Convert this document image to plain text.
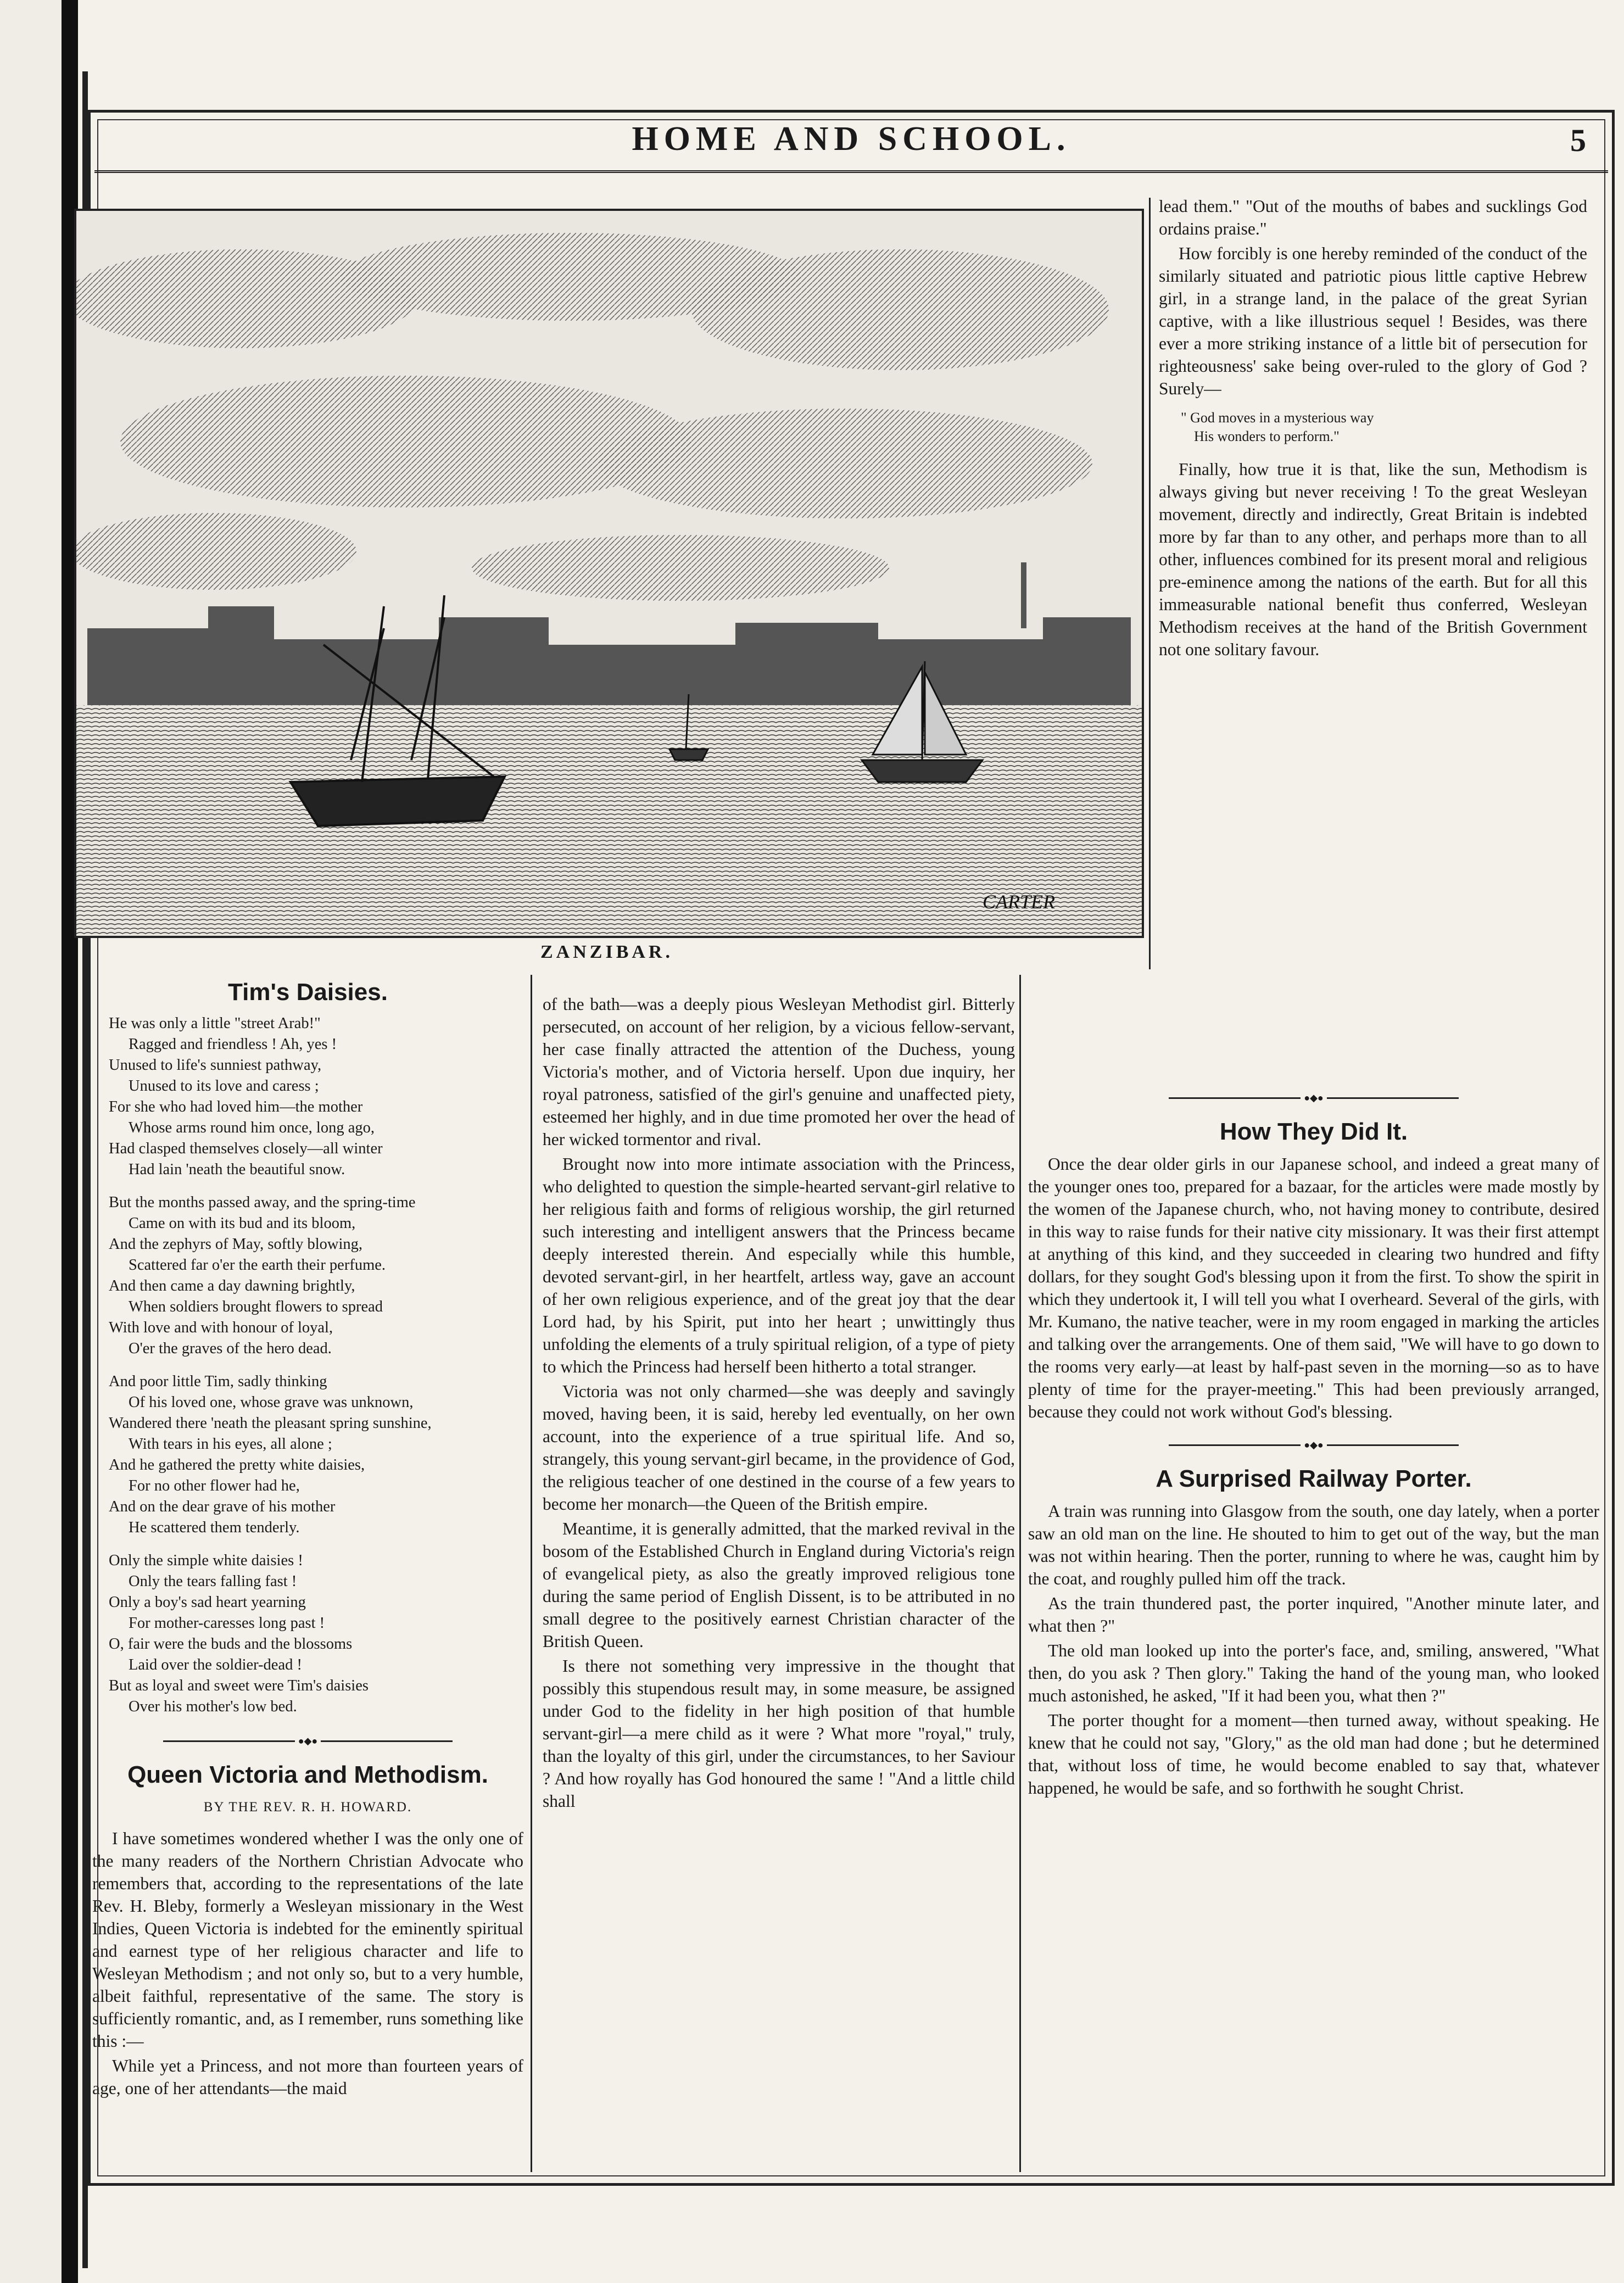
HOME AND SCHOOL.	5
CARTER
ZANZIBAR.
Tim's Daisies.
He was only a little "street Arab!"
Ragged and friendless ! Ah, yes !
Unused to life's sunniest pathway,
Unused to its love and caress ;
For she who had loved him—the mother
Whose arms round him once, long ago,
Had clasped themselves closely—all winter
Had lain 'neath the beautiful snow.
But the months passed away, and the spring-time
Came on with its bud and its bloom,
And the zephyrs of May, softly blowing,
Scattered far o'er the earth their perfume.
And then came a day dawning brightly,
When soldiers brought flowers to spread
With love and with honour of loyal,
O'er the graves of the hero dead.
And poor little Tim, sadly thinking
Of his loved one, whose grave was unknown,
Wandered there 'neath the pleasant spring sunshine,
With tears in his eyes, all alone ;
And he gathered the pretty white daisies,
For no other flower had he,
And on the dear grave of his mother
He scattered them tenderly.
Only the simple white daisies !
Only the tears falling fast !
Only a boy's sad heart yearning
For mother-caresses long past !
O, fair were the buds and the blossoms
Laid over the soldier-dead !
But as loyal and sweet were Tim's daisies
Over his mother's low bed.
●◆●
Queen Victoria and Methodism.
BY THE REV. R. H. HOWARD.

I have sometimes wondered whether I was the only one of the many readers of the Northern Christian Advocate who remembers that, according to the representations of the late Rev. H. Bleby, formerly a Wesleyan missionary in the West Indies, Queen Victoria is indebted for the eminently spiritual and earnest type of her religious character and life to Wesleyan Methodism ; and not only so, but to a very humble, albeit faithful, representative of the same. The story is sufficiently romantic, and, as I remember, runs something like this :—

While yet a Princess, and not more than fourteen years of age, one of her attendants—the maid

of the bath—was a deeply pious Wesleyan Methodist girl. Bitterly persecuted, on account of her religion, by a vicious fellow-servant, her case finally attracted the attention of the Duchess, young Victoria's mother, and of Victoria herself. Upon due inquiry, her royal patroness, satisfied of the girl's genuine and unaffected piety, esteemed her highly, and in due time promoted her over the head of her wicked tormentor and rival.

Brought now into more intimate association with the Princess, who delighted to question the simple-hearted servant-girl relative to her religious faith and forms of religious worship, the girl returned such interesting and intelligent answers that the Princess became deeply interested therein. And especially while this humble, devoted servant-girl, in her heartfelt, artless way, gave an account of her own religious experience, and of the great joy that the dear Lord had, by his Spirit, put into her heart ; unwittingly thus unfolding the elements of a truly spiritual religion, of a type of piety to which the Princess had herself been hitherto a total stranger.

Victoria was not only charmed—she was deeply and savingly moved, having been, it is said, hereby led eventually, on her own account, into the experience of a true spiritual life. And so, strangely, this young servant-girl became, in the providence of God, the religious teacher of one destined in the course of a few years to become her monarch—the Queen of the British empire.

Meantime, it is generally admitted, that the marked revival in the bosom of the Established Church in England during Victoria's reign of evangelical piety, as also the greatly improved religious tone during the same period of English Dissent, is to be attributed in no small degree to the positively earnest Christian character of the British Queen.

Is there not something very impressive in the thought that possibly this stupendous result may, in some measure, be assigned under God to the fidelity in her high position of that humble servant-girl—a mere child as it were ? What more "royal," truly, than the loyalty of this girl, under the circumstances, to her Saviour ? And how royally has God honoured the same ! "And a little child shall

lead them." "Out of the mouths of babes and sucklings God ordains praise."

How forcibly is one hereby reminded of the conduct of the similarly situated and patriotic pious little captive Hebrew girl, in a strange land, in the palace of the great Syrian captive, with a like illustrious sequel ! Besides, was there ever a more striking instance of a little bit of persecution for righteousness' sake being over-ruled to the glory of God ? Surely—

" God moves in a mysterious way
His wonders to perform."

Finally, how true it is that, like the sun, Methodism is always giving but never receiving ! To the great Wesleyan movement, directly and indirectly, Great Britain is indebted more by far than to any other, and perhaps more than to all other, influences combined for its present moral and religious pre-eminence among the nations of the earth. But for all this immeasurable national benefit thus conferred, Wesleyan Methodism receives at the hand of the British Government not one solitary favour.

●◆●
How They Did It.

Once the dear older girls in our Japanese school, and indeed a great many of the younger ones too, prepared for a bazaar, for the articles were made mostly by the women of the Japanese church, who, not having money to contribute, desired in this way to raise funds for their native city missionary. It was their first attempt at anything of this kind, and they succeeded in clearing two hundred and fifty dollars, for they sought God's blessing upon it from the first. To show the spirit in which they undertook it, I will tell you what I overheard. Several of the girls, with Mr. Kumano, the native teacher, were in my room engaged in marking the articles and talking over the arrangements. One of them said, "We will have to go down to the rooms very early—at least by half-past seven in the morning—so as to have plenty of time for the prayer-meeting." This had been previously arranged, because they could not work without God's blessing.

●◆●
A Surprised Railway Porter.

A train was running into Glasgow from the south, one day lately, when a porter saw an old man on the line. He shouted to him to get out of the way, but the man was not within hearing. Then the porter, running to where he was, caught him by the coat, and roughly pulled him off the track.

As the train thundered past, the porter inquired, "Another minute later, and what then ?"

The old man looked up into the porter's face, and, smiling, answered, "What then, do you ask ? Then glory." Taking the hand of the young man, who looked much astonished, he asked, "If it had been you, what then ?"

The porter thought for a moment—then turned away, without speaking. He knew that he could not say, "Glory," as the old man had done ; but he determined that, without loss of time, he would become enabled to say that, whatever happened, he would be safe, and so forthwith he sought Christ.
